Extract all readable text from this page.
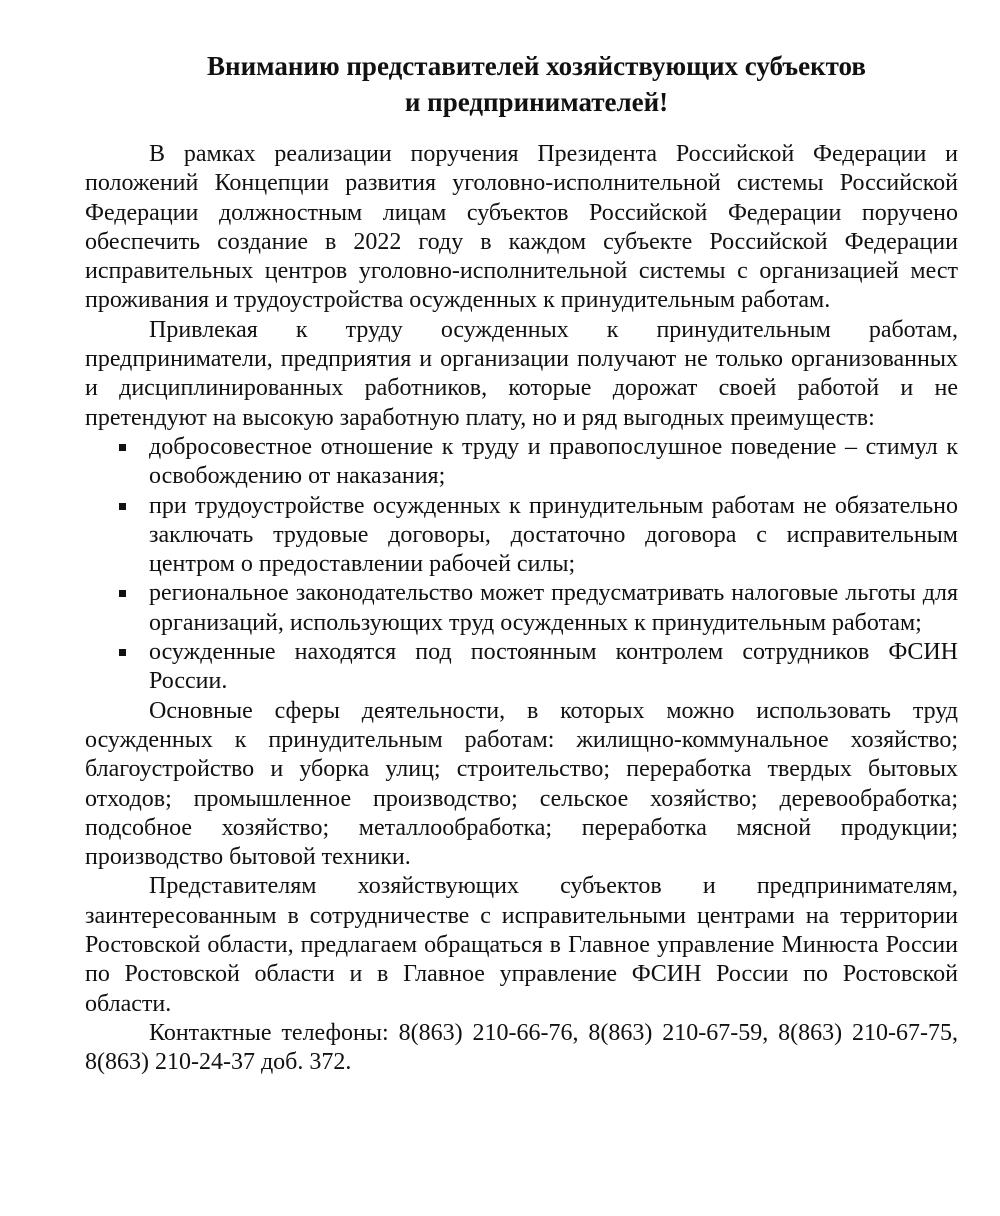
Вниманию представителей хозяйствующих субъектов
и предпринимателей!

В рамках реализации поручения Президента Российской Федерации и положений Концепции развития уголовно-исполнительной системы Российской Федерации должностным лицам субъектов Российской Федерации поручено обеспечить создание в 2022 году в каждом субъекте Российской Федерации исправительных центров уголовно-исполнительной системы с организацией мест проживания и трудоустройства осужденных к принудительным работам.

Привлекая к труду осужденных к принудительным работам, предприниматели, предприятия и организации получают не только организованных и дисциплинированных работников, которые дорожат своей работой и не претендуют на высокую заработную плату, но и ряд выгодных преимуществ:

добросовестное отношение к труду и правопослушное поведение – стимул к освобождению от наказания;
при трудоустройстве осужденных к принудительным работам не обязательно заключать трудовые договоры, достаточно договора с исправительным центром о предоставлении рабочей силы;
региональное законодательство может предусматривать налоговые льготы для организаций, использующих труд осужденных к принудительным работам;
осужденные находятся под постоянным контролем сотрудников ФСИН России.

Основные сферы деятельности, в которых можно использовать труд осужденных к принудительным работам: жилищно-коммунальное хозяйство; благоустройство и уборка улиц; строительство; переработка твердых бытовых отходов; промышленное производство; сельское хозяйство; деревообработка; подсобное хозяйство; металлообработка; переработка мясной продукции; производство бытовой техники.

Представителям хозяйствующих субъектов и предпринимателям, заинтересованным в сотрудничестве с исправительными центрами на территории Ростовской области, предлагаем обращаться в Главное управление Минюста России по Ростовской области и в Главное управление ФСИН России по Ростовской области.

Контактные телефоны: 8(863) 210-66-76, 8(863) 210-67-59, 8(863) 210-67-75, 8(863) 210-24-37 доб. 372.
